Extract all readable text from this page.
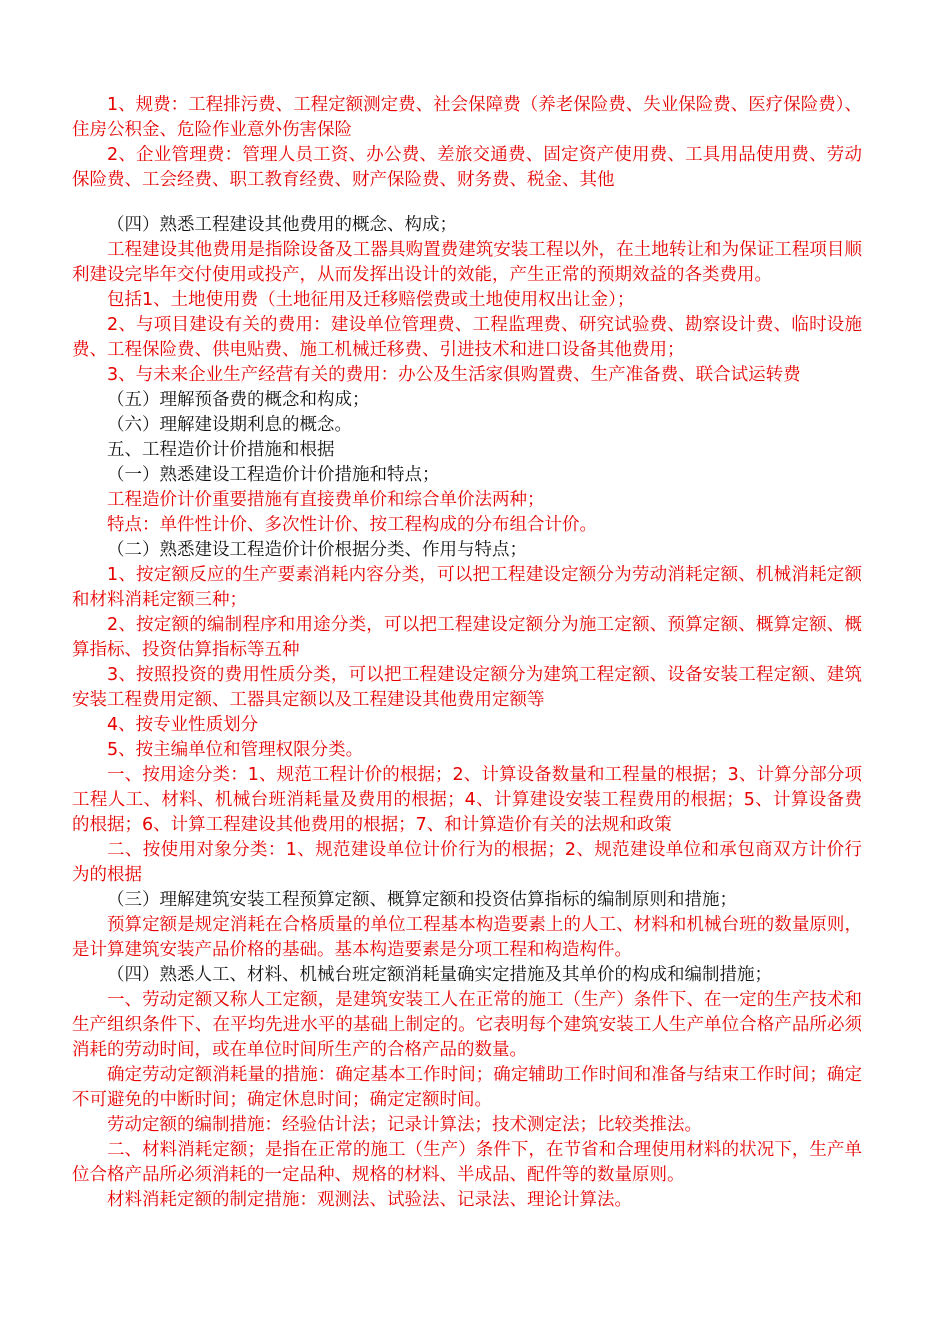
1、规费：工程排污费、工程定额测定费、社会保障费（养老保险费、失业保险费、医疗保险费）、住房公积金、危险作业意外伤害保险

2、企业管理费：管理人员工资、办公费、差旅交通费、固定资产使用费、工具用品使用费、劳动保险费、工会经费、职工教育经费、财产保险费、财务费、税金、其他

（四）熟悉工程建设其他费用的概念、构成；

工程建设其他费用是指除设备及工器具购置费建筑安装工程以外，在土地转让和为保证工程项目顺利建设完毕年交付使用或投产，从而发挥出设计的效能，产生正常的预期效益的各类费用。

包括1、土地使用费（土地征用及迁移赔偿费或土地使用权出让金）；

2、与项目建设有关的费用：建设单位管理费、工程监理费、研究试验费、勘察设计费、临时设施费、工程保险费、供电贴费、施工机械迁移费、引进技术和进口设备其他费用；

3、与未来企业生产经营有关的费用：办公及生活家俱购置费、生产准备费、联合试运转费

（五）理解预备费的概念和构成；

（六）理解建设期利息的概念。

五、工程造价计价措施和根据

（一）熟悉建设工程造价计价措施和特点；

工程造价计价重要措施有直接费单价和综合单价法两种；

特点：单件性计价、多次性计价、按工程构成的分布组合计价。

（二）熟悉建设工程造价计价根据分类、作用与特点；

1、按定额反应的生产要素消耗内容分类，可以把工程建设定额分为劳动消耗定额、机械消耗定额和材料消耗定额三种；

2、按定额的编制程序和用途分类，可以把工程建设定额分为施工定额、预算定额、概算定额、概算指标、投资估算指标等五种

3、按照投资的费用性质分类，可以把工程建设定额分为建筑工程定额、设备安装工程定额、建筑安装工程费用定额、工器具定额以及工程建设其他费用定额等

4、按专业性质划分

5、按主编单位和管理权限分类。

一、按用途分类：1、规范工程计价的根据；2、计算设备数量和工程量的根据；3、计算分部分项工程人工、材料、机械台班消耗量及费用的根据；4、计算建设安装工程费用的根据；5、计算设备费的根据；6、计算工程建设其他费用的根据；7、和计算造价有关的法规和政策

二、按使用对象分类：1、规范建设单位计价行为的根据；2、规范建设单位和承包商双方计价行为的根据

（三）理解建筑安装工程预算定额、概算定额和投资估算指标的编制原则和措施；

预算定额是规定消耗在合格质量的单位工程基本构造要素上的人工、材料和机械台班的数量原则，是计算建筑安装产品价格的基础。基本构造要素是分项工程和构造构件。

（四）熟悉人工、材料、机械台班定额消耗量确实定措施及其单价的构成和编制措施；

一、劳动定额又称人工定额，是建筑安装工人在正常的施工（生产）条件下、在一定的生产技术和生产组织条件下、在平均先进水平的基础上制定的。它表明每个建筑安装工人生产单位合格产品所必须消耗的劳动时间，或在单位时间所生产的合格产品的数量。

确定劳动定额消耗量的措施：确定基本工作时间；确定辅助工作时间和准备与结束工作时间；确定不可避免的中断时间；确定休息时间；确定定额时间。

劳动定额的编制措施：经验估计法；记录计算法；技术测定法；比较类推法。

二、材料消耗定额；是指在正常的施工（生产）条件下，在节省和合理使用材料的状况下，生产单位合格产品所必须消耗的一定品种、规格的材料、半成品、配件等的数量原则。

材料消耗定额的制定措施：观测法、试验法、记录法、理论计算法。
